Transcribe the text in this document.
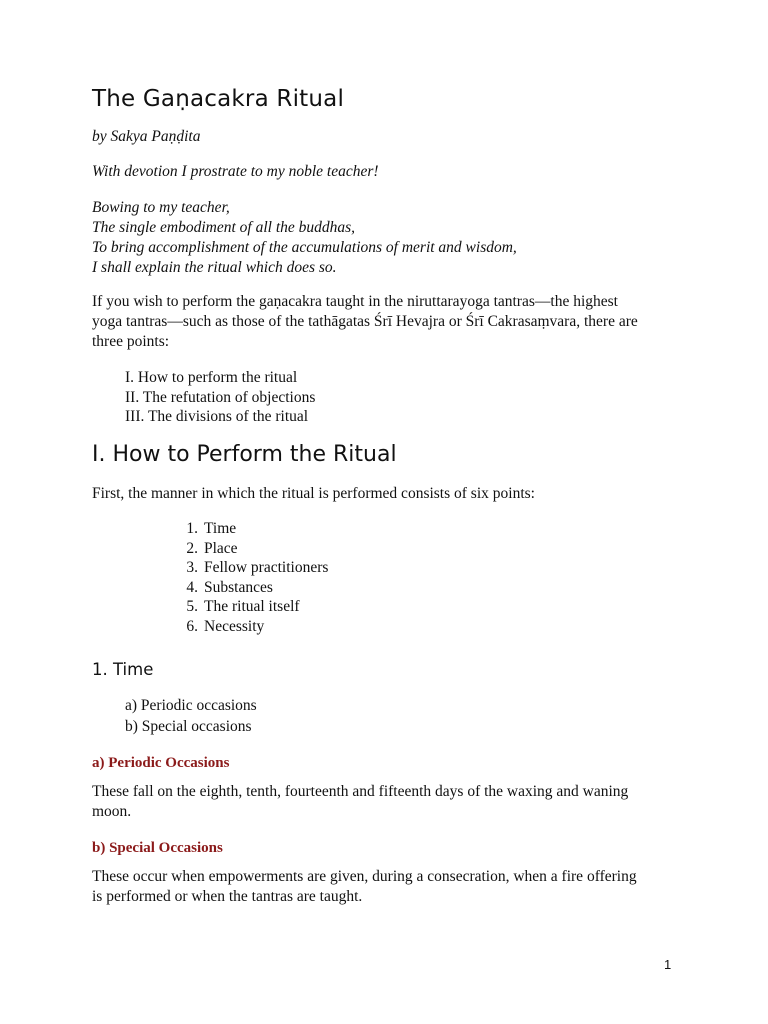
The Gaṇacakra Ritual
by Sakya Paṇḍita
With devotion I prostrate to my noble teacher!
Bowing to my teacher,
The single embodiment of all the buddhas,
To bring accomplishment of the accumulations of merit and wisdom,
I shall explain the ritual which does so.

If you wish to perform the gaṇacakra taught in the niruttarayoga tantras—the highest yoga tantras—such as those of the tathāgatas Śrī Hevajra or Śrī Cakrasaṃvara, there are three points:

I. How to perform the ritual
II. The refutation of objections
III. The divisions of the ritual
I. How to Perform the Ritual
First, the manner in which the ritual is performed consists of six points:
1. Time
2. Place
3. Fellow practitioners
4. Substances
5. The ritual itself
6. Necessity
1. Time
a) Periodic occasions
b) Special occasions
a) Periodic Occasions

These fall on the eighth, tenth, fourteenth and fifteenth days of the waxing and waning moon.

b) Special Occasions

These occur when empowerments are given, during a consecration, when a fire offering is performed or when the tantras are taught.

1
